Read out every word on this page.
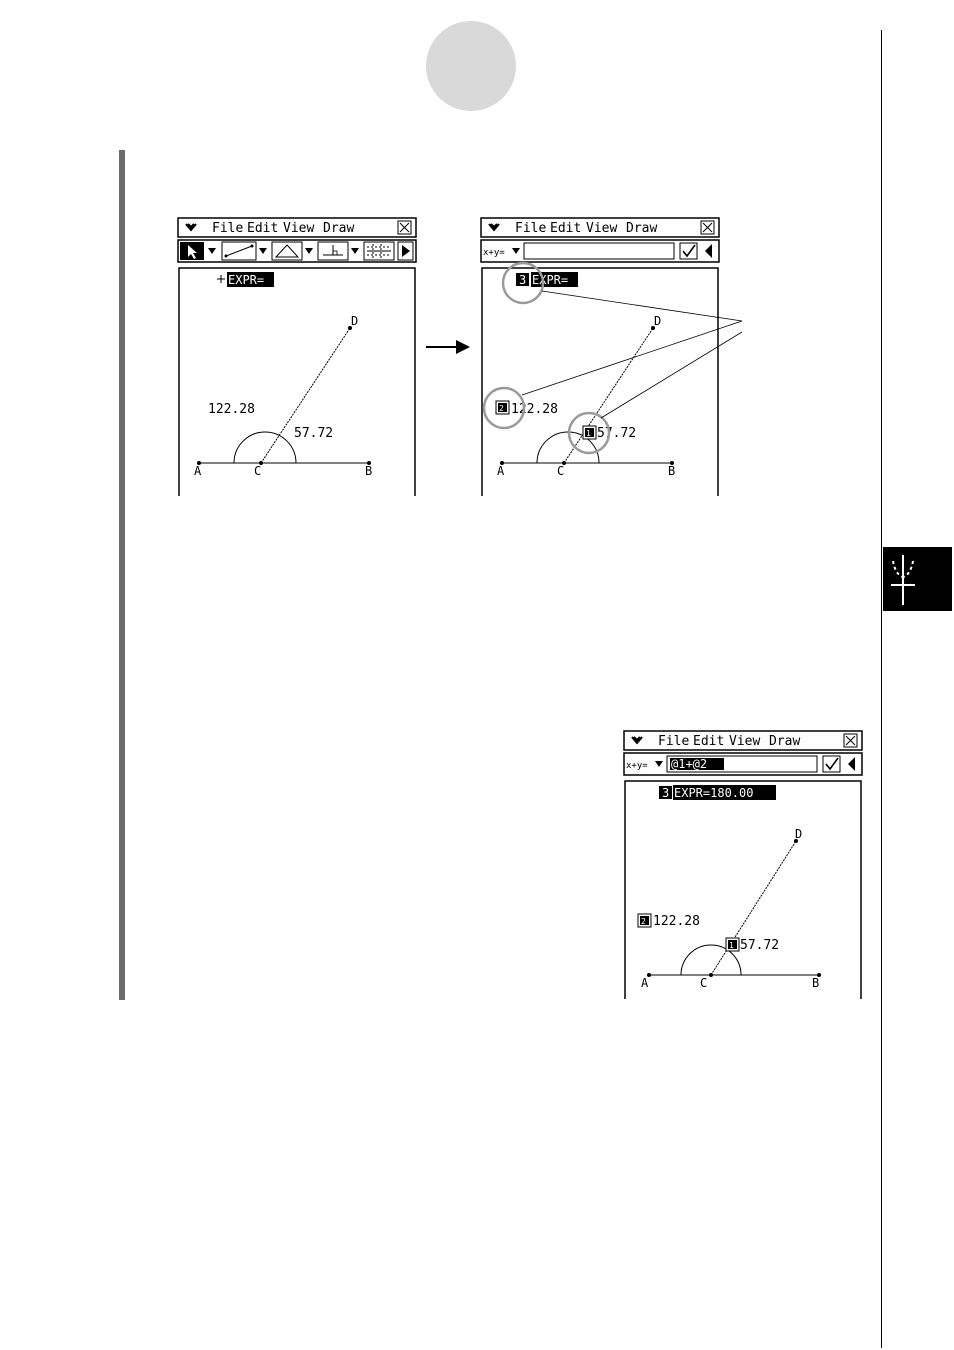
File Edit View Draw
EXPR=
122.28
57.72
A	B
C
D
File Edit View Draw
x+y=
3 EXPR=
2 122.28
1 57.72
A	B
C
D
File Edit View Draw
x+y= @1+@2
3 EXPR=180.00
2 122.28
1 57.72
A	B
C
D
